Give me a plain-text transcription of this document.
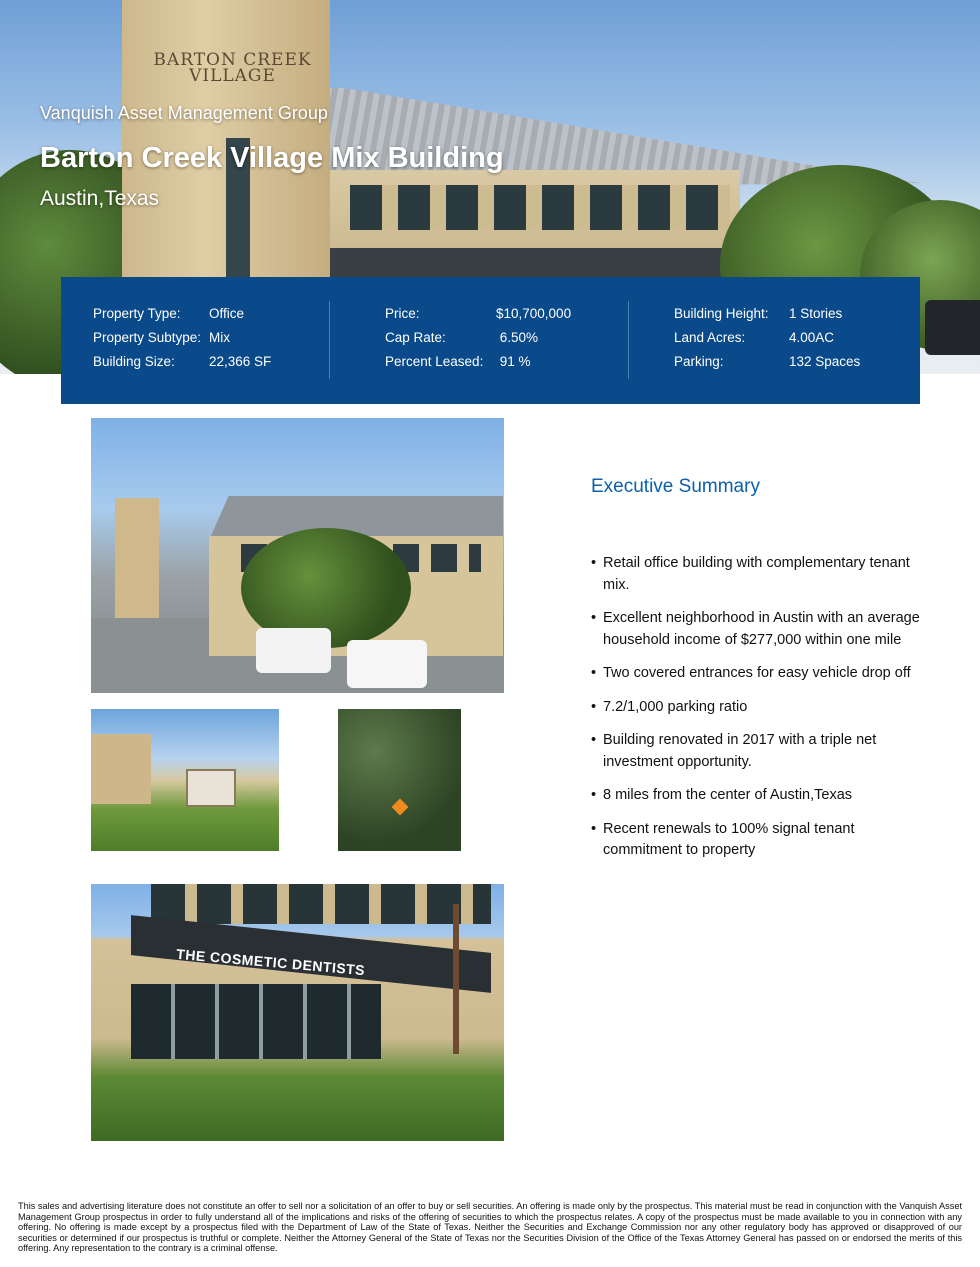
BARTON CREEK
VILLAGE
Vanquish Asset Management Group
Barton Creek Village Mix Building
Austin,Texas
Property Type: Office
Property Subtype: Mix
Building Size:	22,366 SF
Price:	$10,700,000
Cap Rate:	6.50%
Percent Leased: 91 %
Building Height: 1 Stories
Land Acres:	4.00AC
Parking:	132 Spaces
THE COSMETIC DENTISTS
Executive Summary
• Retail office building with complementary tenant mix.
• Excellent neighborhood in Austin with an average household income of $277,000 within one mile
• Two covered entrances for easy vehicle drop off
• 7.2/1,000 parking ratio
• Building renovated in 2017 with a triple net investment opportunity.
• 8 miles from the center of Austin,Texas
• Recent renewals to 100% signal tenant commitment to property
This sales and advertising literature does not constitute an offer to sell nor a solicitation of an offer to buy or sell securities. An offering is made only by the prospectus. This material must be read in conjunction with the Vanquish Asset Management Group prospectus in order to fully understand all of the implications and risks of the offering of securities to which the prospectus relates. A copy of the prospectus must be made available to you in connection with any offering. No offering is made except by a prospectus filed with the Department of Law of the State of Texas. Neither the Securities and Exchange Commission nor any other regulatory body has approved or disapproved of our securities or determined if our prospectus is truthful or complete. Neither the Attorney General of the State of Texas nor the Securities Division of the Office of the Texas Attorney General has passed on or endorsed the merits of this offering. Any representation to the contrary is a criminal offense.
